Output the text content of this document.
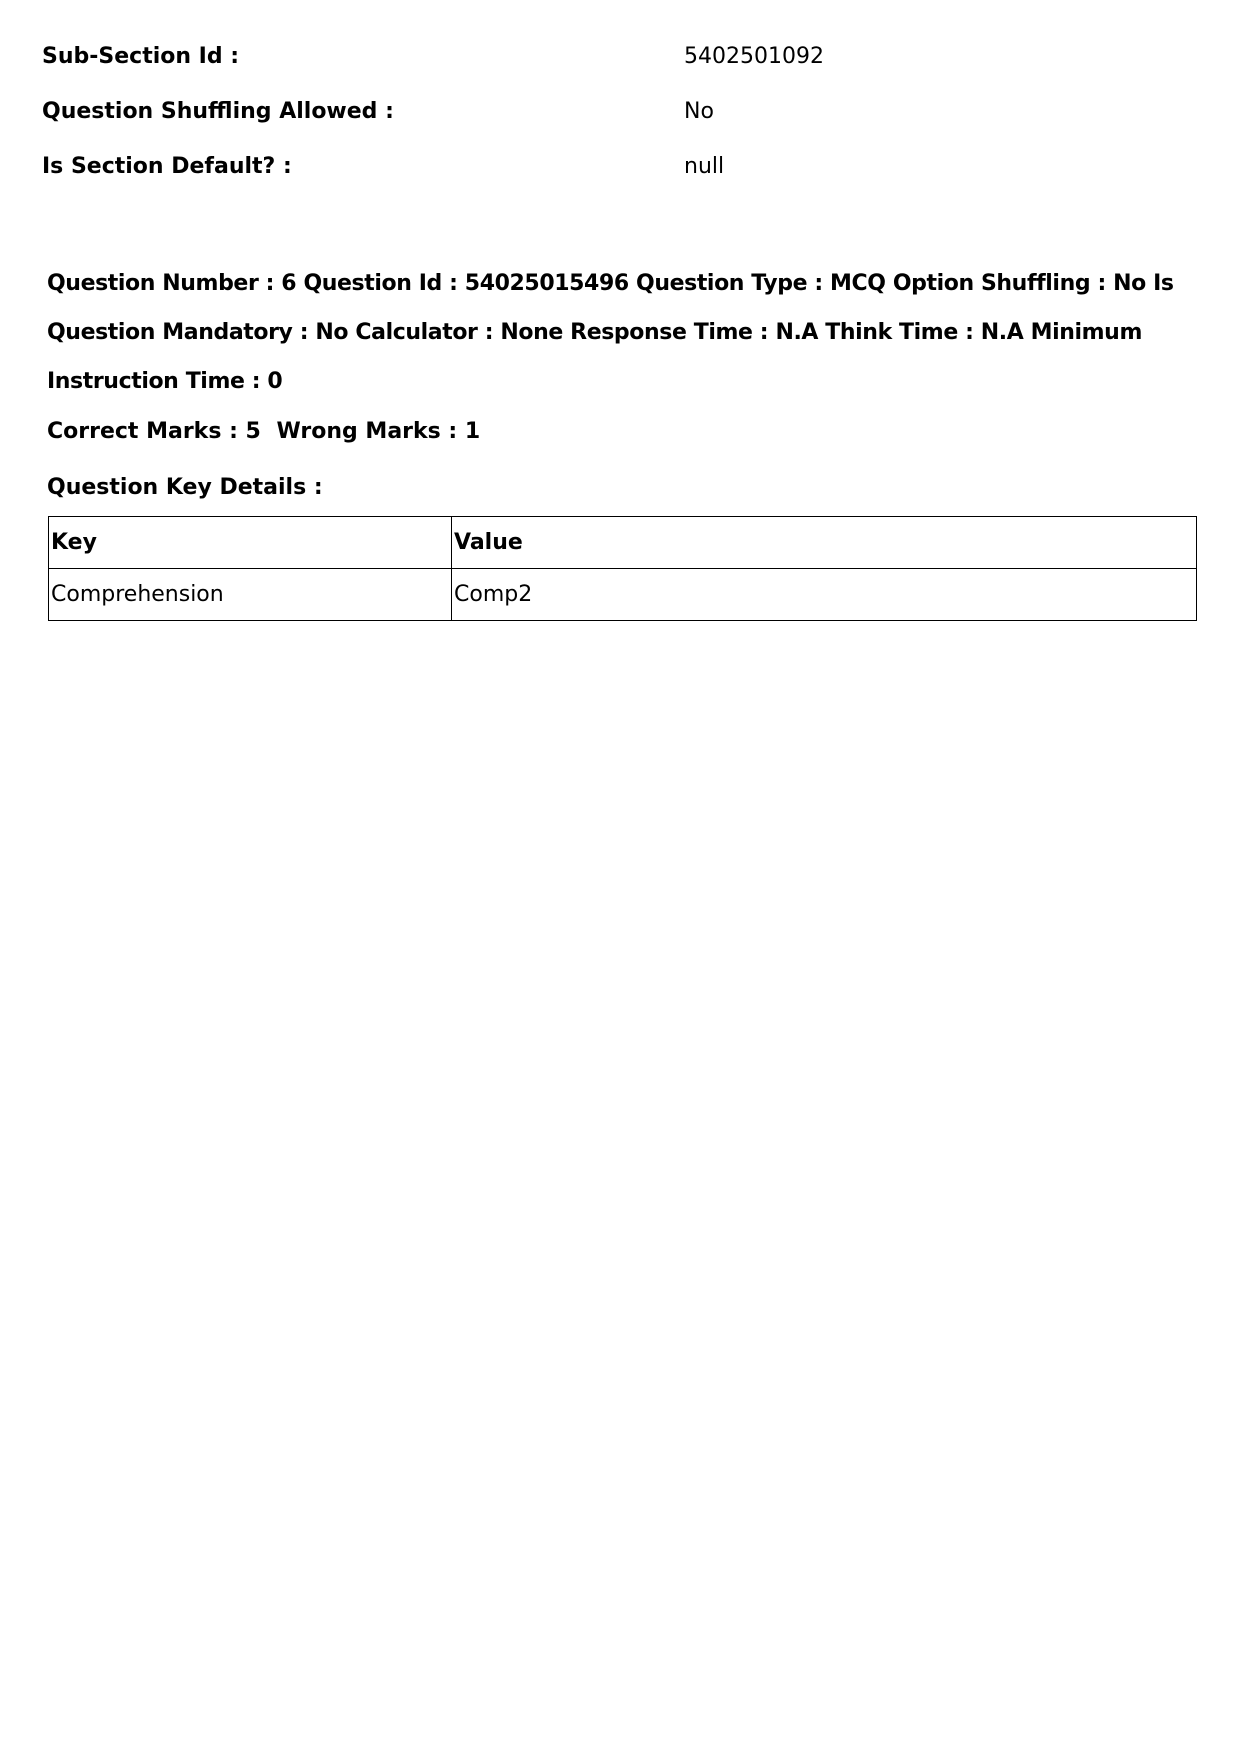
Sub-Section Id :	5402501092
Question Shuffling Allowed :	No
Is Section Default? :	null
Question Number : 6 Question Id : 54025015496 Question Type : MCQ Option Shuffling : No Is
Question Mandatory : No Calculator : None Response Time : N.A Think Time : N.A Minimum
Instruction Time : 0
Correct Marks : 5 Wrong Marks : 1
Question Key Details :
Key	Value
Comprehension	Comp2
